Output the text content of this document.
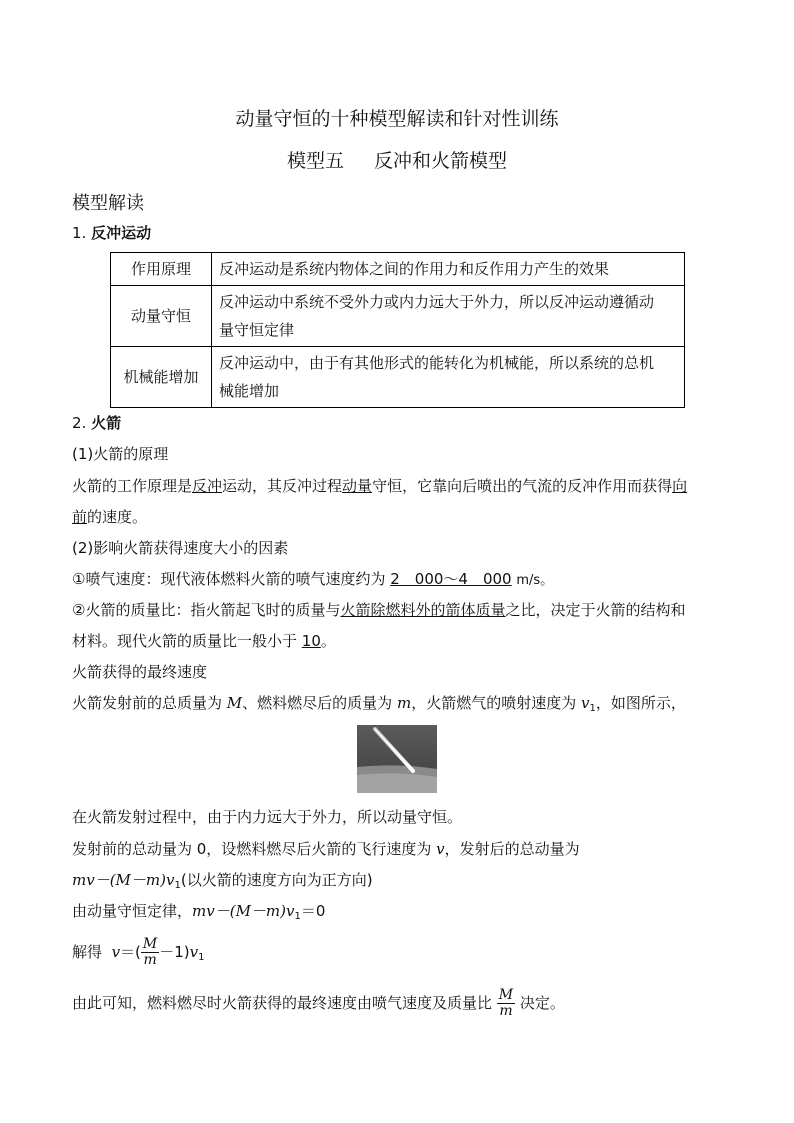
动量守恒的十种模型解读和针对性训练
模型五 反冲和火箭模型
模型解读
1. 反冲运动
作用原理	反冲运动是系统内物体之间的作用力和反作用力产生的效果
动量守恒	反冲运动中系统不受外力或内力远大于外力，所以反冲运动遵循动
量守恒定律
机械能增加	反冲运动中，由于有其他形式的能转化为机械能，所以系统的总机
械能增加
2. 火箭
(1)火箭的原理
火箭的工作原理是反冲运动，其反冲过程动量守恒，它靠向后喷出的气流的反冲作用而获得向
前的速度。
(2)影响火箭获得速度大小的因素
①喷气速度：现代液体燃料火箭的喷气速度约为 2　000～4　000 m/s。
②火箭的质量比：指火箭起飞时的质量与火箭除燃料外的箭体质量之比，决定于火箭的结构和
材料。现代火箭的质量比一般小于 10。
火箭获得的最终速度
火箭发射前的总质量为 M、燃料燃尽后的质量为 m，火箭燃气的喷射速度为 $v_1$，如图所示，
在火箭发射过程中，由于内力远大于外力，所以动量守恒。
发射前的总动量为 0，设燃料燃尽后火箭的飞行速度为 v，发射后的总动量为
$mv-(M-m)v_1$(以火箭的速度方向为正方向)
由动量守恒定律，$mv-(M-m)v_1=0$
解得 $v=( \frac{M}{m} -1)v_1$
由此可知，燃料燃尽时火箭获得的最终速度由喷气速度及质量比 $\frac{M}{m}$ 决定。
